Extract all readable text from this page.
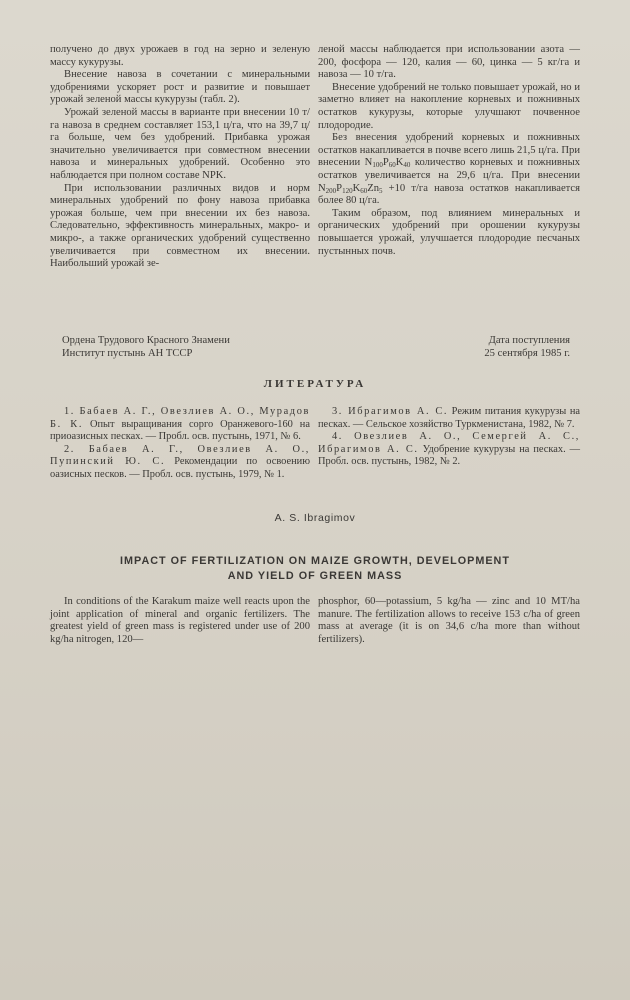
получено до двух урожаев в год на зерно и зеленую массу кукурузы.

Внесение навоза в сочетании с минеральными удобрениями ускоряет рост и развитие и повышает урожай зеленой массы кукурузы (табл. 2).

Урожай зеленой массы в варианте при внесении 10 т/га навоза в среднем составляет 153,1 ц/га, что на 39,7 ц/га больше, чем без удобрений. Прибавка урожая значительно увеличивается при совместном внесении навоза и минеральных удобрений. Особенно это наблюдается при полном составе NPK.

При использовании различных видов и норм минеральных удобрений по фону навоза прибавка урожая больше, чем при внесении их без навоза. Следовательно, эффективность минеральных, макро- и микро-, а также органических удобрений существенно увеличивается при совместном их внесении. Наибольший урожай зе-

леной массы наблюдается при использовании азота — 200, фосфора — 120, калия — 60, цинка — 5 кг/га и навоза — 10 т/га.

Внесение удобрений не только повышает урожай, но и заметно влияет на накопление корневых и пожнивных остатков кукурузы, которые улучшают почвенное плодородие.

Без внесения удобрений корневых и пожнивных остатков накапливается в почве всего лишь 21,5 ц/га. При внесении $N_{100}P_{60}K_{40}$ количество корневых и пожнивных остатков увеличивается на 29,6 ц/га. При внесении $N_{200}P_{120}K_{60}Zn_5 +10$ т/га навоза остатков накапливается более 80 ц/га.

Таким образом, под влиянием минеральных и органических удобрений при орошении кукурузы повышается урожай, улучшается плодородие песчаных пустынных почв.

Ордена Трудового Красного Знамени
Институт пустынь АН ТССР
Дата поступления
25 сентября 1985 г.
ЛИТЕРАТУРА

1. Бабаев А. Г., Овезлиев А. О., Мурадов Б. К. Опыт выращивания сорго Оранжевого-160 на приоазисных песках. — Пробл. осв. пустынь, 1971, № 6.

2. Бабаев А. Г., Овезлиев А. О., Пупинский Ю. С. Рекомендации по освоению оазисных песков. — Пробл. осв. пустынь, 1979, № 1.

3. Ибрагимов А. С. Режим питания кукурузы на песках. — Сельское хозяйство Туркменистана, 1982, № 7.

4. Овезлиев А. О., Семергей А. С., Ибрагимов А. С. Удобрение кукурузы на песках. — Пробл. осв. пустынь, 1982, № 2.

A. S. Ibragimov
IMPACT OF FERTILIZATION ON MAIZE GROWTH, DEVELOPMENT
AND YIELD OF GREEN MASS

In conditions of the Karakum maize well reacts upon the joint application of mineral and organic fertilizers. The greatest yield of green mass is registered under use of 200 kg/ha nitrogen, 120—

phosphor, 60—potassium, 5 kg/ha — zinc and 10 MT/ha manure. The fertilization allows to receive 153 c/ha of green mass at average (it is on 34,6 c/ha more than without fertilizers).
